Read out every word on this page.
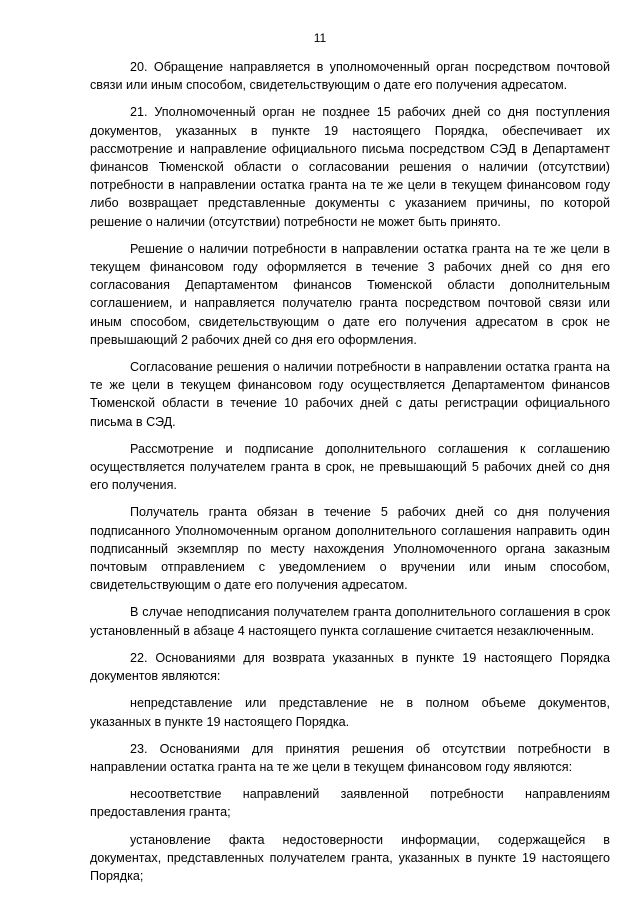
11

20. Обращение направляется в уполномоченный орган посредством почтовой связи или иным способом, свидетельствующим о дате его получения адресатом.

21. Уполномоченный орган не позднее 15 рабочих дней со дня поступления документов, указанных в пункте 19 настоящего Порядка, обеспечивает их рассмотрение и направление официального письма посредством СЭД в Департамент финансов Тюменской области о согласовании решения о наличии (отсутствии) потребности в направлении остатка гранта на те же цели в текущем финансовом году либо возвращает представленные документы с указанием причины, по которой решение о наличии (отсутствии) потребности не может быть принято.

Решение о наличии потребности в направлении остатка гранта на те же цели в текущем финансовом году оформляется в течение 3 рабочих дней со дня его согласования Департаментом финансов Тюменской области дополнительным соглашением, и направляется получателю гранта посредством почтовой связи или иным способом, свидетельствующим о дате его получения адресатом в срок не превышающий 2 рабочих дней со дня его оформления.

Согласование решения о наличии потребности в направлении остатка гранта на те же цели в текущем финансовом году осуществляется Департаментом финансов Тюменской области в течение 10 рабочих дней с даты регистрации официального письма в СЭД.

Рассмотрение и подписание дополнительного соглашения к соглашению осуществляется получателем гранта в срок, не превышающий 5 рабочих дней со дня его получения.

Получатель гранта обязан в течение 5 рабочих дней со дня получения подписанного Уполномоченным органом дополнительного соглашения направить один подписанный экземпляр по месту нахождения Уполномоченного органа заказным почтовым отправлением с уведомлением о вручении или иным способом, свидетельствующим о дате его получения адресатом.

В случае неподписания получателем гранта дополнительного соглашения в срок установленный в абзаце 4 настоящего пункта соглашение считается незаключенным.

22. Основаниями для возврата указанных в пункте 19 настоящего Порядка документов являются:

непредставление или представление не в полном объеме документов, указанных в пункте 19 настоящего Порядка.

23. Основаниями для принятия решения об отсутствии потребности в направлении остатка гранта на те же цели в текущем финансовом году являются:

несоответствие направлений заявленной потребности направлениям предоставления гранта;

установление факта недостоверности информации, содержащейся в документах, представленных получателем гранта, указанных в пункте 19 настоящего Порядка;
